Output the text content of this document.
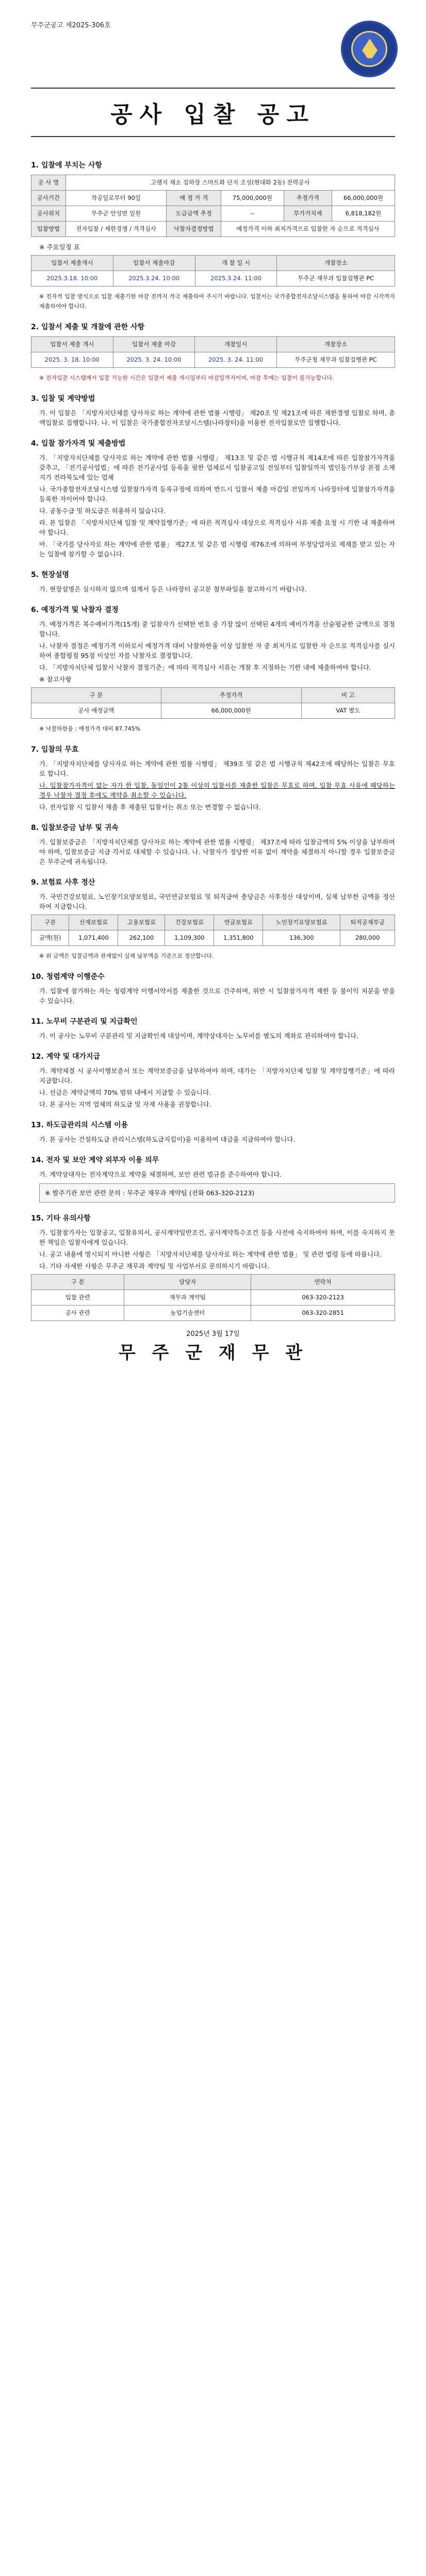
무주군공고 제2025-306호
공사 입찰 공고
1. 입찰에 부치는 사항
공 사 명	고랭지 채소 집하장 스마트화 단지 조성(현대화 2동) 전력공사				
공사기간	착공일로부터 90일	예 정 가 격	75,000,000원	추정가격	66,000,000원
공사위치	무주군 안성면 일원	도급금액 추정	--	부가가치세	6,818,182원
입찰방법	전자입찰 / 제한경쟁 / 적격심사	낙찰자결정방법	예정가격 이하 최저가격으로 입찰한 자 순으로 적격심사		
※ 주요일정 표
입찰서 제출개시	입찰서 제출마감	개 찰 일 시	개찰장소
2025.3.18. 10:00	2025.3.24. 10:00	2025.3.24. 11:00	무주군 재무과 입찰집행관 PC
※ 전자적 입찰 방식으로 입찰 제출기한 마감 전까지 적극 제출하여 주시기 바랍니다. 입찰서는 국가종합전자조달시스템을 통하여 마감 시각까지 제출하여야 합니다.
2. 입찰서 제출 및 개찰에 관한 사항
입찰서 제출 개시	입찰서 제출 마감	개찰일시	개찰장소
2025. 3. 18. 10:00	2025. 3. 24. 10:00	2025. 3. 24. 11:00	무주군청 재무과 입찰집행관 PC
※ 전자입찰 시스템에서 입찰 가능한 시간은 입찰서 제출 개시일부터 마감일까지이며, 마감 후에는 입찰이 불가능합니다.
3. 입찰 및 계약방법
가. 이 입찰은 「지방자치단체를 당사자로 하는 계약에 관한 법률 시행령」 제20조 및 제21조에 따른 제한경쟁 입찰로 하며, 총액입찰로 집행합니다. 나. 이 입찰은 국가종합전자조달시스템(나라장터)을 이용한 전자입찰로만 집행합니다.
4. 입찰 참가자격 및 제출방법
가. 「지방자치단체를 당사자로 하는 계약에 관한 법률 시행령」 제13조 및 같은 법 시행규칙 제14조에 따른 입찰참가자격을 갖추고, 「전기공사업법」에 따른 전기공사업 등록을 필한 업체로서 입찰공고일 전일부터 입찰일까지 법인등기부상 본점 소재지가 전라북도에 있는 업체
나. 국가종합전자조달시스템 입찰참가자격 등록규정에 의하여 반드시 입찰서 제출 마감일 전일까지 나라장터에 입찰참가자격을 등록한 자이어야 합니다.
다. 공동수급 및 하도급은 허용하지 않습니다.
라. 본 입찰은 「지방자치단체 입찰 및 계약집행기준」에 따른 적격심사 대상으로 적격심사 서류 제출 요청 시 기한 내 제출하여야 합니다.
마. 「국가를 당사자로 하는 계약에 관한 법률」 제27조 및 같은 법 시행령 제76조에 의하여 부정당업자로 제재를 받고 있는 자는 입찰에 참가할 수 없습니다.
5. 현장설명
가. 현장설명은 실시하지 않으며 설계서 등은 나라장터 공고문 첨부파일을 참고하시기 바랍니다.
6. 예정가격 및 낙찰자 결정
가. 예정가격은 복수예비가격(15개) 중 입찰자가 선택한 번호 중 가장 많이 선택된 4개의 예비가격을 산술평균한 금액으로 결정합니다.
나. 낙찰자 결정은 예정가격 이하로서 예정가격 대비 낙찰하한율 이상 입찰한 자 중 최저가로 입찰한 자 순으로 적격심사를 실시하여 종합평점 95점 이상인 자를 낙찰자로 결정합니다.
다. 「지방자치단체 입찰시 낙찰자 결정기준」에 따라 적격심사 서류는 개찰 후 지정하는 기한 내에 제출하여야 합니다.
※ 참고사항
구 분	추정가격	비 고
공사 예정금액	66,000,000원	VAT 별도
※ 낙찰하한율 : 예정가격 대비 87.745%
7. 입찰의 무효
가. 「지방자치단체를 당사자로 하는 계약에 관한 법률 시행령」 제39조 및 같은 법 시행규칙 제42조에 해당하는 입찰은 무효로 합니다.
나. 입찰참가자격이 없는 자가 한 입찰, 동일인이 2통 이상의 입찰서를 제출한 입찰은 무효로 하며, 입찰 무효 사유에 해당하는 경우 낙찰자 결정 후에도 계약을 취소할 수 있습니다.
다. 전자입찰 시 입찰서 제출 후 제출된 입찰서는 취소 또는 변경할 수 없습니다.
8. 입찰보증금 납부 및 귀속
가. 입찰보증금은 「지방자치단체를 당사자로 하는 계약에 관한 법률 시행령」 제37조에 따라 입찰금액의 5% 이상을 납부하여야 하며, 입찰보증금 지급 각서로 대체할 수 있습니다. 나. 낙찰자가 정당한 이유 없이 계약을 체결하지 아니할 경우 입찰보증금은 무주군에 귀속됩니다.
9. 보험료 사후 정산
가. 국민건강보험료, 노인장기요양보험료, 국민연금보험료 및 퇴직급여 충당금은 사후정산 대상이며, 실제 납부한 금액을 정산하여 지급합니다.
구분	산재보험료	고용보험료	건강보험료	연금보험료	노인장기요양보험료	퇴직공제부금
금액(원)	1,071,400	262,100	1,109,300	1,351,800	136,300	280,000
※ 위 금액은 입찰금액과 관계없이 실제 납부액을 기준으로 정산합니다.
10. 청렴계약 이행준수
가. 입찰에 참가하는 자는 청렴계약 이행서약서를 제출한 것으로 간주하며, 위반 시 입찰참가자격 제한 등 불이익 처분을 받을 수 있습니다.
11. 노무비 구분관리 및 지급확인
가. 이 공사는 노무비 구분관리 및 지급확인제 대상이며, 계약상대자는 노무비를 별도의 계좌로 관리하여야 합니다.
12. 계약 및 대가지급
가. 계약체결 시 공사이행보증서 또는 계약보증금을 납부하여야 하며, 대가는 「지방자치단체 입찰 및 계약집행기준」에 따라 지급합니다.
나. 선금은 계약금액의 70% 범위 내에서 지급할 수 있습니다.
다. 본 공사는 지역 업체의 하도급 및 자재 사용을 권장합니다.
13. 하도급관리의 시스템 이용
가. 본 공사는 건설하도급 관리시스템(하도급지킴이)을 이용하여 대금을 지급하여야 합니다.
14. 전자 및 보안 계약 외부자 이용 의무
가. 계약상대자는 전자계약으로 계약을 체결하며, 보안 관련 법규를 준수하여야 합니다.
※ 발주기관 보안 관련 문의 : 무주군 재무과 계약팀 (전화 063-320-2123)
15. 기타 유의사항
가. 입찰참가자는 입찰공고, 입찰유의서, 공사계약일반조건, 공사계약특수조건 등을 사전에 숙지하여야 하며, 이를 숙지하지 못한 책임은 입찰자에게 있습니다.
나. 공고 내용에 명시되지 아니한 사항은 「지방자치단체를 당사자로 하는 계약에 관한 법률」 및 관련 법령 등에 따릅니다.
다. 기타 자세한 사항은 무주군 재무과 계약팀 및 사업부서로 문의하시기 바랍니다.
구 분	담당자	연락처
입찰 관련	재무과 계약팀	063-320-2123
공사 관련	농업기술센터	063-320-2851
2025년 3월 17일
무 주 군 재 무 관
